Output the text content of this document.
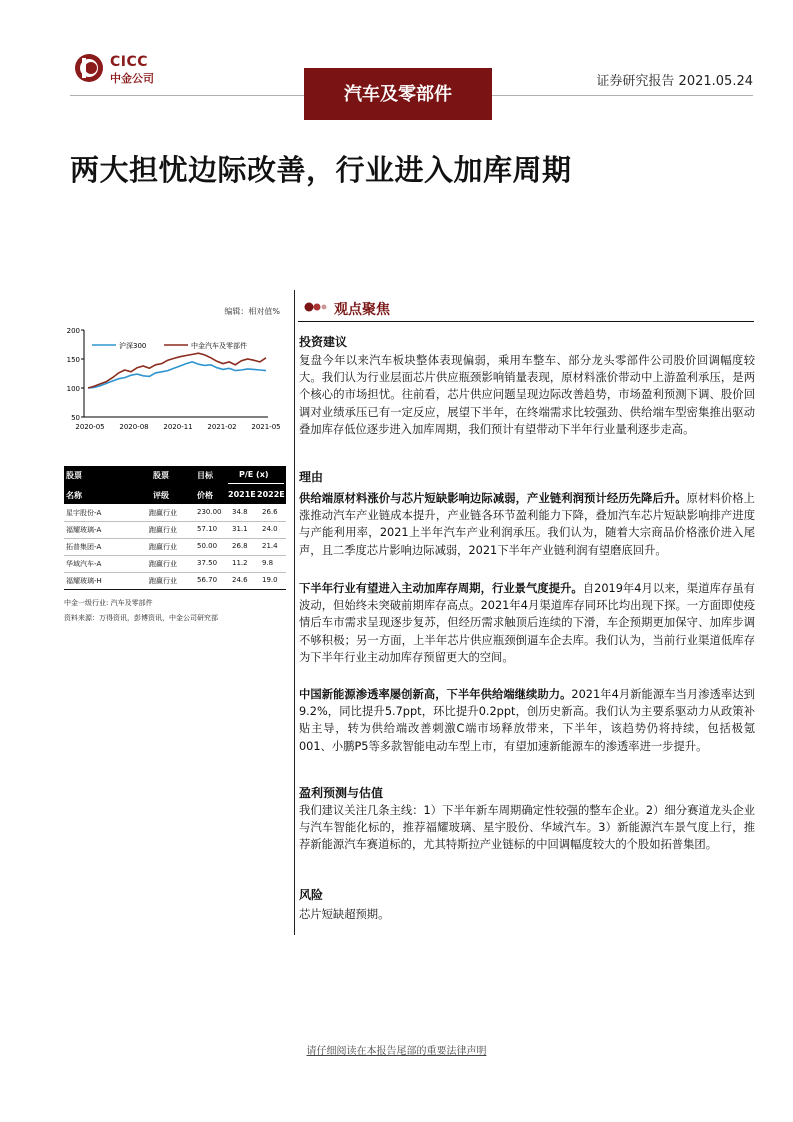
CICC
中金公司
汽车及零部件
证券研究报告 2021.05.24
两大担忧边际改善，行业进入加库周期
编辑：相对值%
200
150
100
50
2020-05 2020-08 2020-11 2021-02 2021-05
沪深300	中金汽车及零部件
股票	股票	目标	P/E (x)
名称	评级	价格 2021E 2022E
星宇股份-A	跑赢行业	230.00 34.8 26.6
福耀玻璃-A	跑赢行业	57.10 31.1 24.0
拓普集团-A	跑赢行业	50.00 26.8 21.4
华域汽车-A	跑赢行业	37.50 11.2 9.8
福耀玻璃-H	跑赢行业	56.70 24.6 19.0
中金一级行业: 汽车及零部件
资料来源：万得资讯，彭博资讯，中金公司研究部
观点聚焦
投资建议
复盘今年以来汽车板块整体表现偏弱，乘用车整车、部分龙头零部件公司股价回调幅度较大。我们认为行业层面芯片供应瓶颈影响销量表现，原材料涨价带动中上游盈利承压，是两个核心的市场担忧。往前看，芯片供应问题呈现边际改善趋势，市场盈利预测下调、股价回调对业绩承压已有一定反应，展望下半年，在终端需求比较强劲、供给端车型密集推出驱动叠加库存低位逐步进入加库周期，我们预计有望带动下半年行业量利逐步走高。
理由
供给端原材料涨价与芯片短缺影响边际减弱，产业链利润预计经历先降后升。原材料价格上涨推动汽车产业链成本提升，产业链各环节盈利能力下降，叠加汽车芯片短缺影响排产进度与产能利用率，2021上半年汽车产业利润承压。我们认为，随着大宗商品价格涨价进入尾声，且二季度芯片影响边际减弱，2021下半年产业链利润有望磨底回升。
下半年行业有望进入主动加库存周期，行业景气度提升。自2019年4月以来，渠道库存虽有波动，但始终未突破前期库存高点。2021年4月渠道库存同环比均出现下探。一方面即使疫情后车市需求呈现逐步复苏，但经历需求触顶后连续的下滑，车企预期更加保守、加库步调不够积极；另一方面，上半年芯片供应瓶颈倒逼车企去库。我们认为，当前行业渠道低库存为下半年行业主动加库存预留更大的空间。
中国新能源渗透率屡创新高，下半年供给端继续助力。2021年4月新能源车当月渗透率达到9.2%，同比提升5.7ppt，环比提升0.2ppt，创历史新高。我们认为主要系驱动力从政策补贴主导，转为供给端改善刺激C端市场释放带来，下半年，该趋势仍将持续，包括极氪001、小鹏P5等多款智能电动车型上市，有望加速新能源车的渗透率进一步提升。
盈利预测与估值
我们建议关注几条主线：1）下半年新车周期确定性较强的整车企业。2）细分赛道龙头企业与汽车智能化标的，推荐福耀玻璃、星宇股份、华域汽车。3）新能源汽车景气度上行，推荐新能源汽车赛道标的，尤其特斯拉产业链标的中回调幅度较大的个股如拓普集团。
风险
芯片短缺超预期。
请仔细阅读在本报告尾部的重要法律声明
